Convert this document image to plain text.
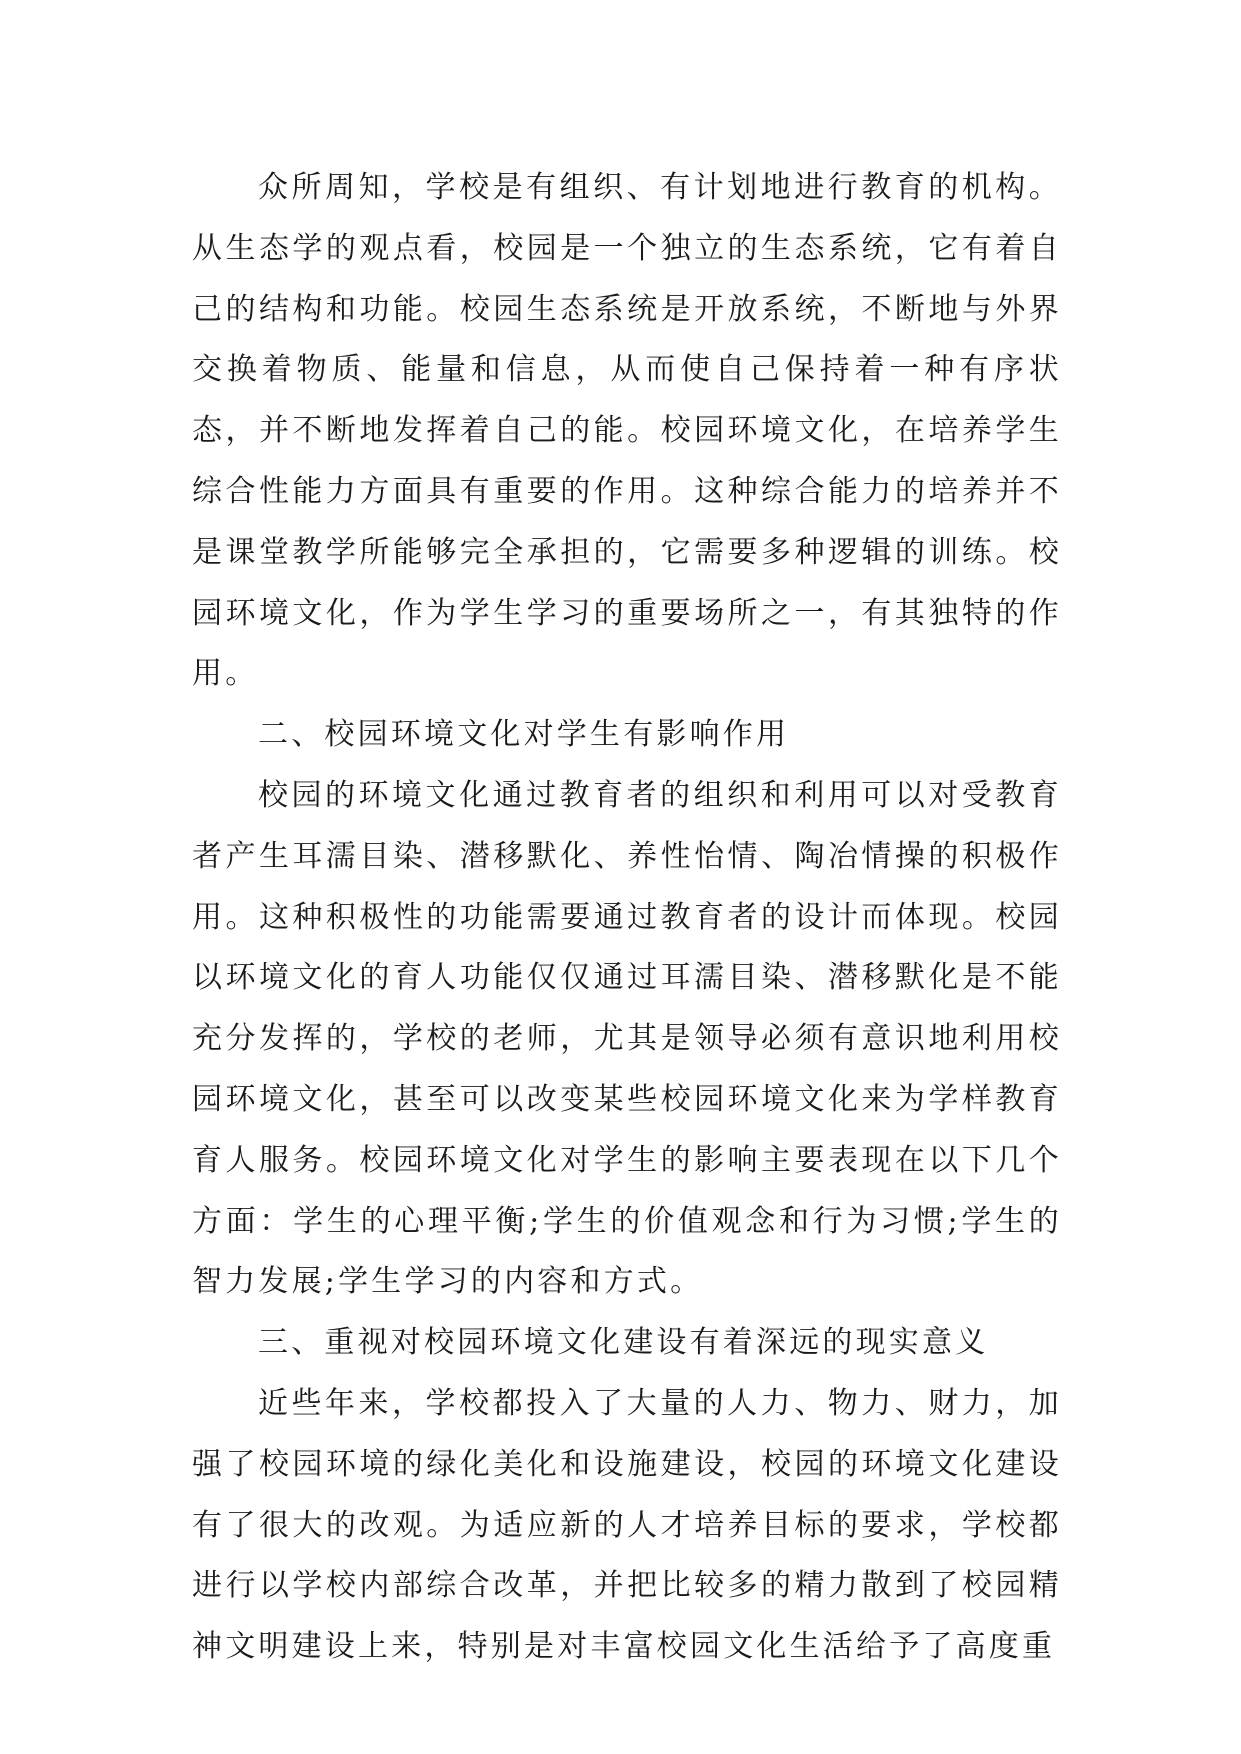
众所周知，学校是有组织、有计划地进行教育的机构。从生态学的观点看，校园是一个独立的生态系统，它有着自己的结构和功能。校园生态系统是开放系统，不断地与外界交换着物质、能量和信息，从而使自己保持着一种有序状态，并不断地发挥着自己的能。校园环境文化，在培养学生综合性能力方面具有重要的作用。这种综合能力的培养并不是课堂教学所能够完全承担的，它需要多种逻辑的训练。校园环境文化，作为学生学习的重要场所之一，有其独特的作用。

二、校园环境文化对学生有影响作用

校园的环境文化通过教育者的组织和利用可以对受教育者产生耳濡目染、潜移默化、养性怡情、陶冶情操的积极作用。这种积极性的功能需要通过教育者的设计而体现。校园以环境文化的育人功能仅仅通过耳濡目染、潜移默化是不能充分发挥的，学校的老师，尤其是领导必须有意识地利用校园环境文化，甚至可以改变某些校园环境文化来为学样教育育人服务。校园环境文化对学生的影响主要表现在以下几个方面：学生的心理平衡;学生的价值观念和行为习惯;学生的智力发展;学生学习的内容和方式。

三、重视对校园环境文化建设有着深远的现实意义

近些年来，学校都投入了大量的人力、物力、财力，加强了校园环境的绿化美化和设施建设，校园的环境文化建设有了很大的改观。为适应新的人才培养目标的要求，学校都进行以学校内部综合改革，并把比较多的精力散到了校园精神文明建设上来，特别是对丰富校园文化生活给予了高度重
